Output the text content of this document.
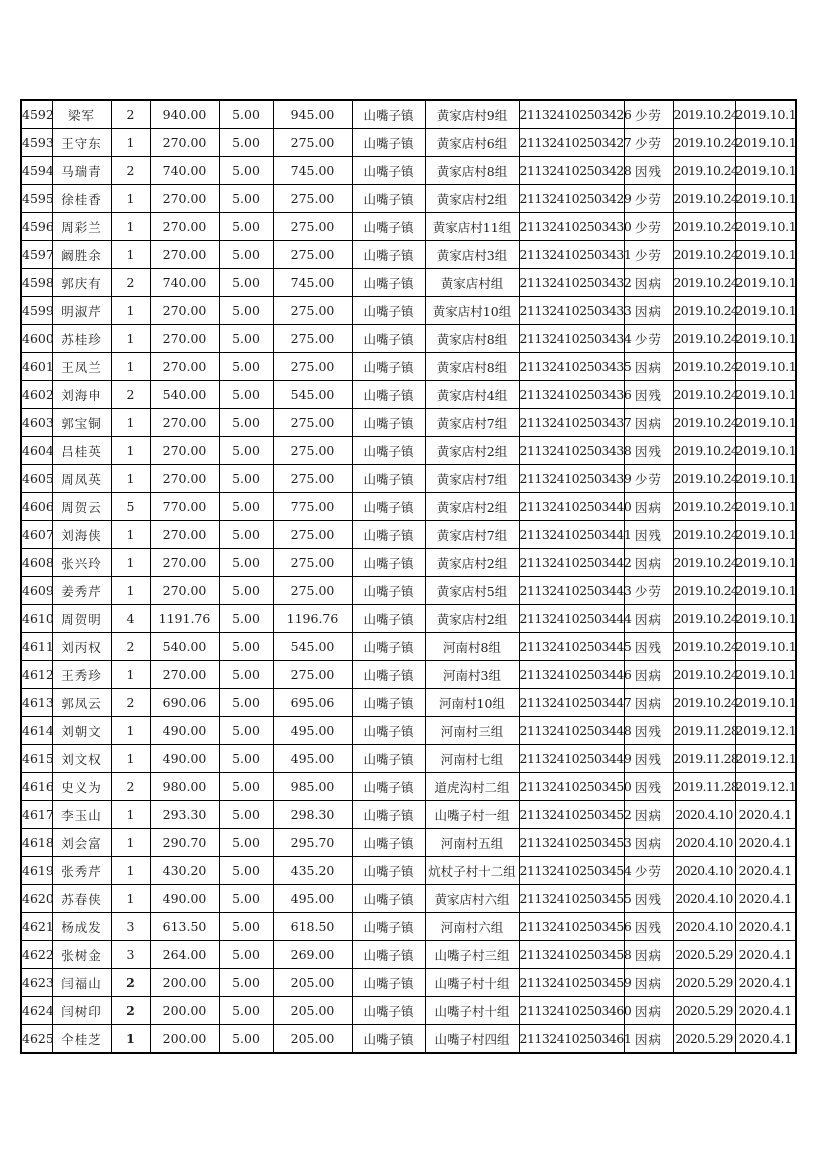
4592	梁军	2	940.00	5.00	945.00	山嘴子镇	黄家店村9组	211324102503426	少劳	2019.10.24	2019.10.1
4593	王守东	1	270.00	5.00	275.00	山嘴子镇	黄家店村6组	211324102503427	少劳	2019.10.24	2019.10.1
4594	马瑞青	2	740.00	5.00	745.00	山嘴子镇	黄家店村8组	211324102503428	因残	2019.10.24	2019.10.1
4595	徐桂香	1	270.00	5.00	275.00	山嘴子镇	黄家店村2组	211324102503429	少劳	2019.10.24	2019.10.1
4596	周彩兰	1	270.00	5.00	275.00	山嘴子镇	黄家店村11组	211324102503430	少劳	2019.10.24	2019.10.1
4597	阚胜余	1	270.00	5.00	275.00	山嘴子镇	黄家店村3组	211324102503431	少劳	2019.10.24	2019.10.1
4598	郭庆有	2	740.00	5.00	745.00	山嘴子镇	黄家店村组	211324102503432	因病	2019.10.24	2019.10.1
4599	明淑芹	1	270.00	5.00	275.00	山嘴子镇	黄家店村10组	211324102503433	因病	2019.10.24	2019.10.1
4600	苏桂珍	1	270.00	5.00	275.00	山嘴子镇	黄家店村8组	211324102503434	少劳	2019.10.24	2019.10.1
4601	王凤兰	1	270.00	5.00	275.00	山嘴子镇	黄家店村8组	211324102503435	因病	2019.10.24	2019.10.1
4602	刘海申	2	540.00	5.00	545.00	山嘴子镇	黄家店村4组	211324102503436	因残	2019.10.24	2019.10.1
4603	郭宝铜	1	270.00	5.00	275.00	山嘴子镇	黄家店村7组	211324102503437	因病	2019.10.24	2019.10.1
4604	吕桂英	1	270.00	5.00	275.00	山嘴子镇	黄家店村2组	211324102503438	因残	2019.10.24	2019.10.1
4605	周凤英	1	270.00	5.00	275.00	山嘴子镇	黄家店村7组	211324102503439	少劳	2019.10.24	2019.10.1
4606	周贺云	5	770.00	5.00	775.00	山嘴子镇	黄家店村2组	211324102503440	因病	2019.10.24	2019.10.1
4607	刘海侠	1	270.00	5.00	275.00	山嘴子镇	黄家店村7组	211324102503441	因残	2019.10.24	2019.10.1
4608	张兴玲	1	270.00	5.00	275.00	山嘴子镇	黄家店村2组	211324102503442	因病	2019.10.24	2019.10.1
4609	姜秀芹	1	270.00	5.00	275.00	山嘴子镇	黄家店村5组	211324102503443	少劳	2019.10.24	2019.10.1
4610	周贺明	4	1191.76	5.00	1196.76	山嘴子镇	黄家店村2组	211324102503444	因病	2019.10.24	2019.10.1
4611	刘丙权	2	540.00	5.00	545.00	山嘴子镇	河南村8组	211324102503445	因残	2019.10.24	2019.10.1
4612	王秀珍	1	270.00	5.00	275.00	山嘴子镇	河南村3组	211324102503446	因病	2019.10.24	2019.10.1
4613	郭凤云	2	690.06	5.00	695.06	山嘴子镇	河南村10组	211324102503447	因病	2019.10.24	2019.10.1
4614	刘朝文	1	490.00	5.00	495.00	山嘴子镇	河南村三组	211324102503448	因残	2019.11.28	2019.12.1
4615	刘文权	1	490.00	5.00	495.00	山嘴子镇	河南村七组	211324102503449	因残	2019.11.28	2019.12.1
4616	史义为	2	980.00	5.00	985.00	山嘴子镇	道虎沟村二组	211324102503450	因残	2019.11.28	2019.12.1
4617	李玉山	1	293.30	5.00	298.30	山嘴子镇	山嘴子村一组	211324102503452	因病	2020.4.10	2020.4.1
4618	刘会富	1	290.70	5.00	295.70	山嘴子镇	河南村五组	211324102503453	因病	2020.4.10	2020.4.1
4619	张秀芹	1	430.20	5.00	435.20	山嘴子镇	炕杖子村十二组	211324102503454	少劳	2020.4.10	2020.4.1
4620	苏春侠	1	490.00	5.00	495.00	山嘴子镇	黄家店村六组	211324102503455	因残	2020.4.10	2020.4.1
4621	杨成发	3	613.50	5.00	618.50	山嘴子镇	河南村六组	211324102503456	因残	2020.4.10	2020.4.1
4622	张树金	3	264.00	5.00	269.00	山嘴子镇	山嘴子村三组	211324102503458	因病	2020.5.29	2020.4.1
4623	闫福山	2	200.00	5.00	205.00	山嘴子镇	山嘴子村十组	211324102503459	因病	2020.5.29	2020.4.1
4624	闫树印	2	200.00	5.00	205.00	山嘴子镇	山嘴子村十组	211324102503460	因病	2020.5.29	2020.4.1
4625	仐桂芝	1	200.00	5.00	205.00	山嘴子镇	山嘴子村四组	211324102503461	因病	2020.5.29	2020.4.1
